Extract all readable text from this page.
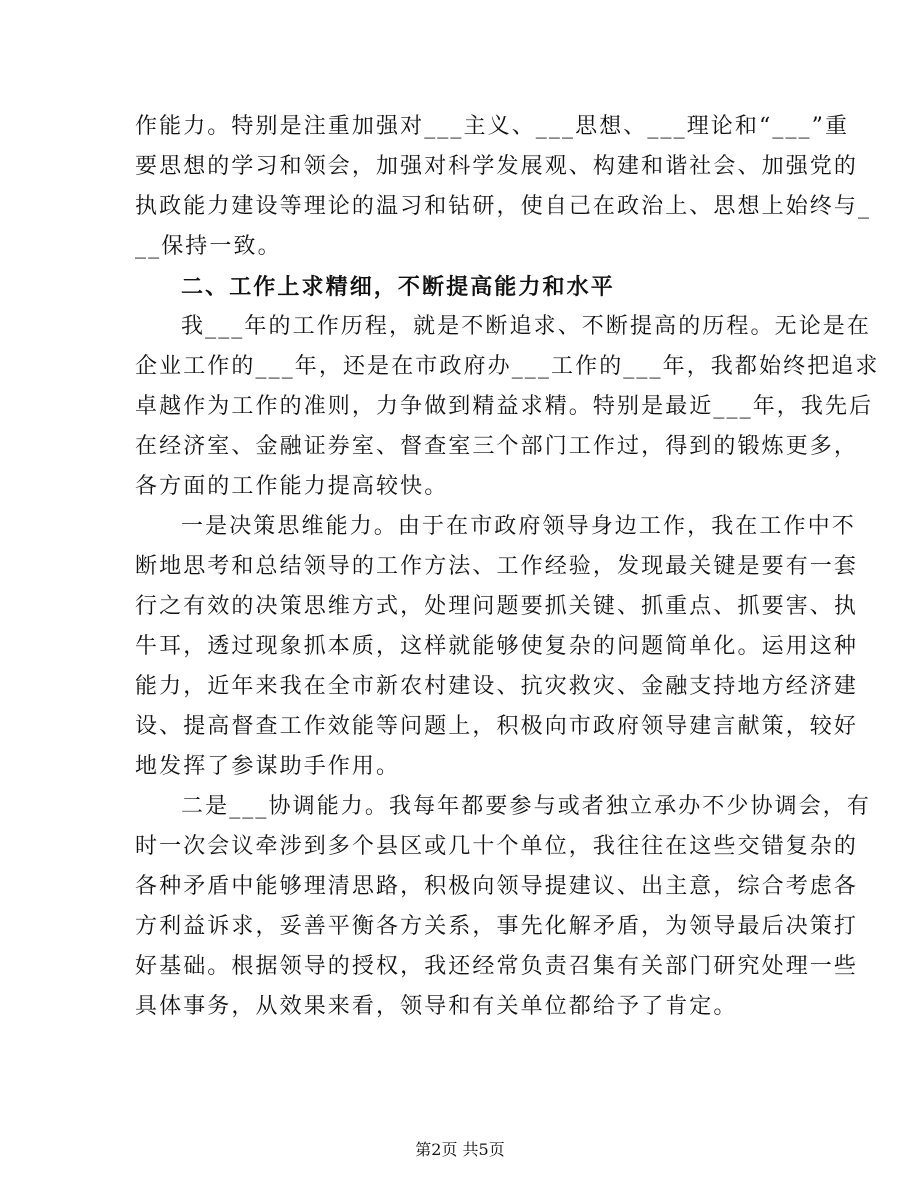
作能力。特别是注重加强对___主义、___思想、___理论和“___”重
要思想的学习和领会，加强对科学发展观、构建和谐社会、加强党的
执政能力建设等理论的温习和钻研，使自己在政治上、思想上始终与_
__保持一致。
二、工作上求精细，不断提高能力和水平
我___年的工作历程，就是不断追求、不断提高的历程。无论是在
企业工作的___年，还是在市政府办___工作的___年，我都始终把追求
卓越作为工作的准则，力争做到精益求精。特别是最近___年，我先后
在经济室、金融证券室、督查室三个部门工作过，得到的锻炼更多，
各方面的工作能力提高较快。
一是决策思维能力。由于在市政府领导身边工作，我在工作中不
断地思考和总结领导的工作方法、工作经验，发现最关键是要有一套
行之有效的决策思维方式，处理问题要抓关键、抓重点、抓要害、执
牛耳，透过现象抓本质，这样就能够使复杂的问题简单化。运用这种
能力，近年来我在全市新农村建设、抗灾救灾、金融支持地方经济建
设、提高督查工作效能等问题上，积极向市政府领导建言献策，较好
地发挥了参谋助手作用。
二是___协调能力。我每年都要参与或者独立承办不少协调会，有
时一次会议牵涉到多个县区或几十个单位，我往往在这些交错复杂的
各种矛盾中能够理清思路，积极向领导提建议、出主意，综合考虑各
方利益诉求，妥善平衡各方关系，事先化解矛盾，为领导最后决策打
好基础。根据领导的授权，我还经常负责召集有关部门研究处理一些
具体事务，从效果来看，领导和有关单位都给予了肯定。
第2页 共5页
